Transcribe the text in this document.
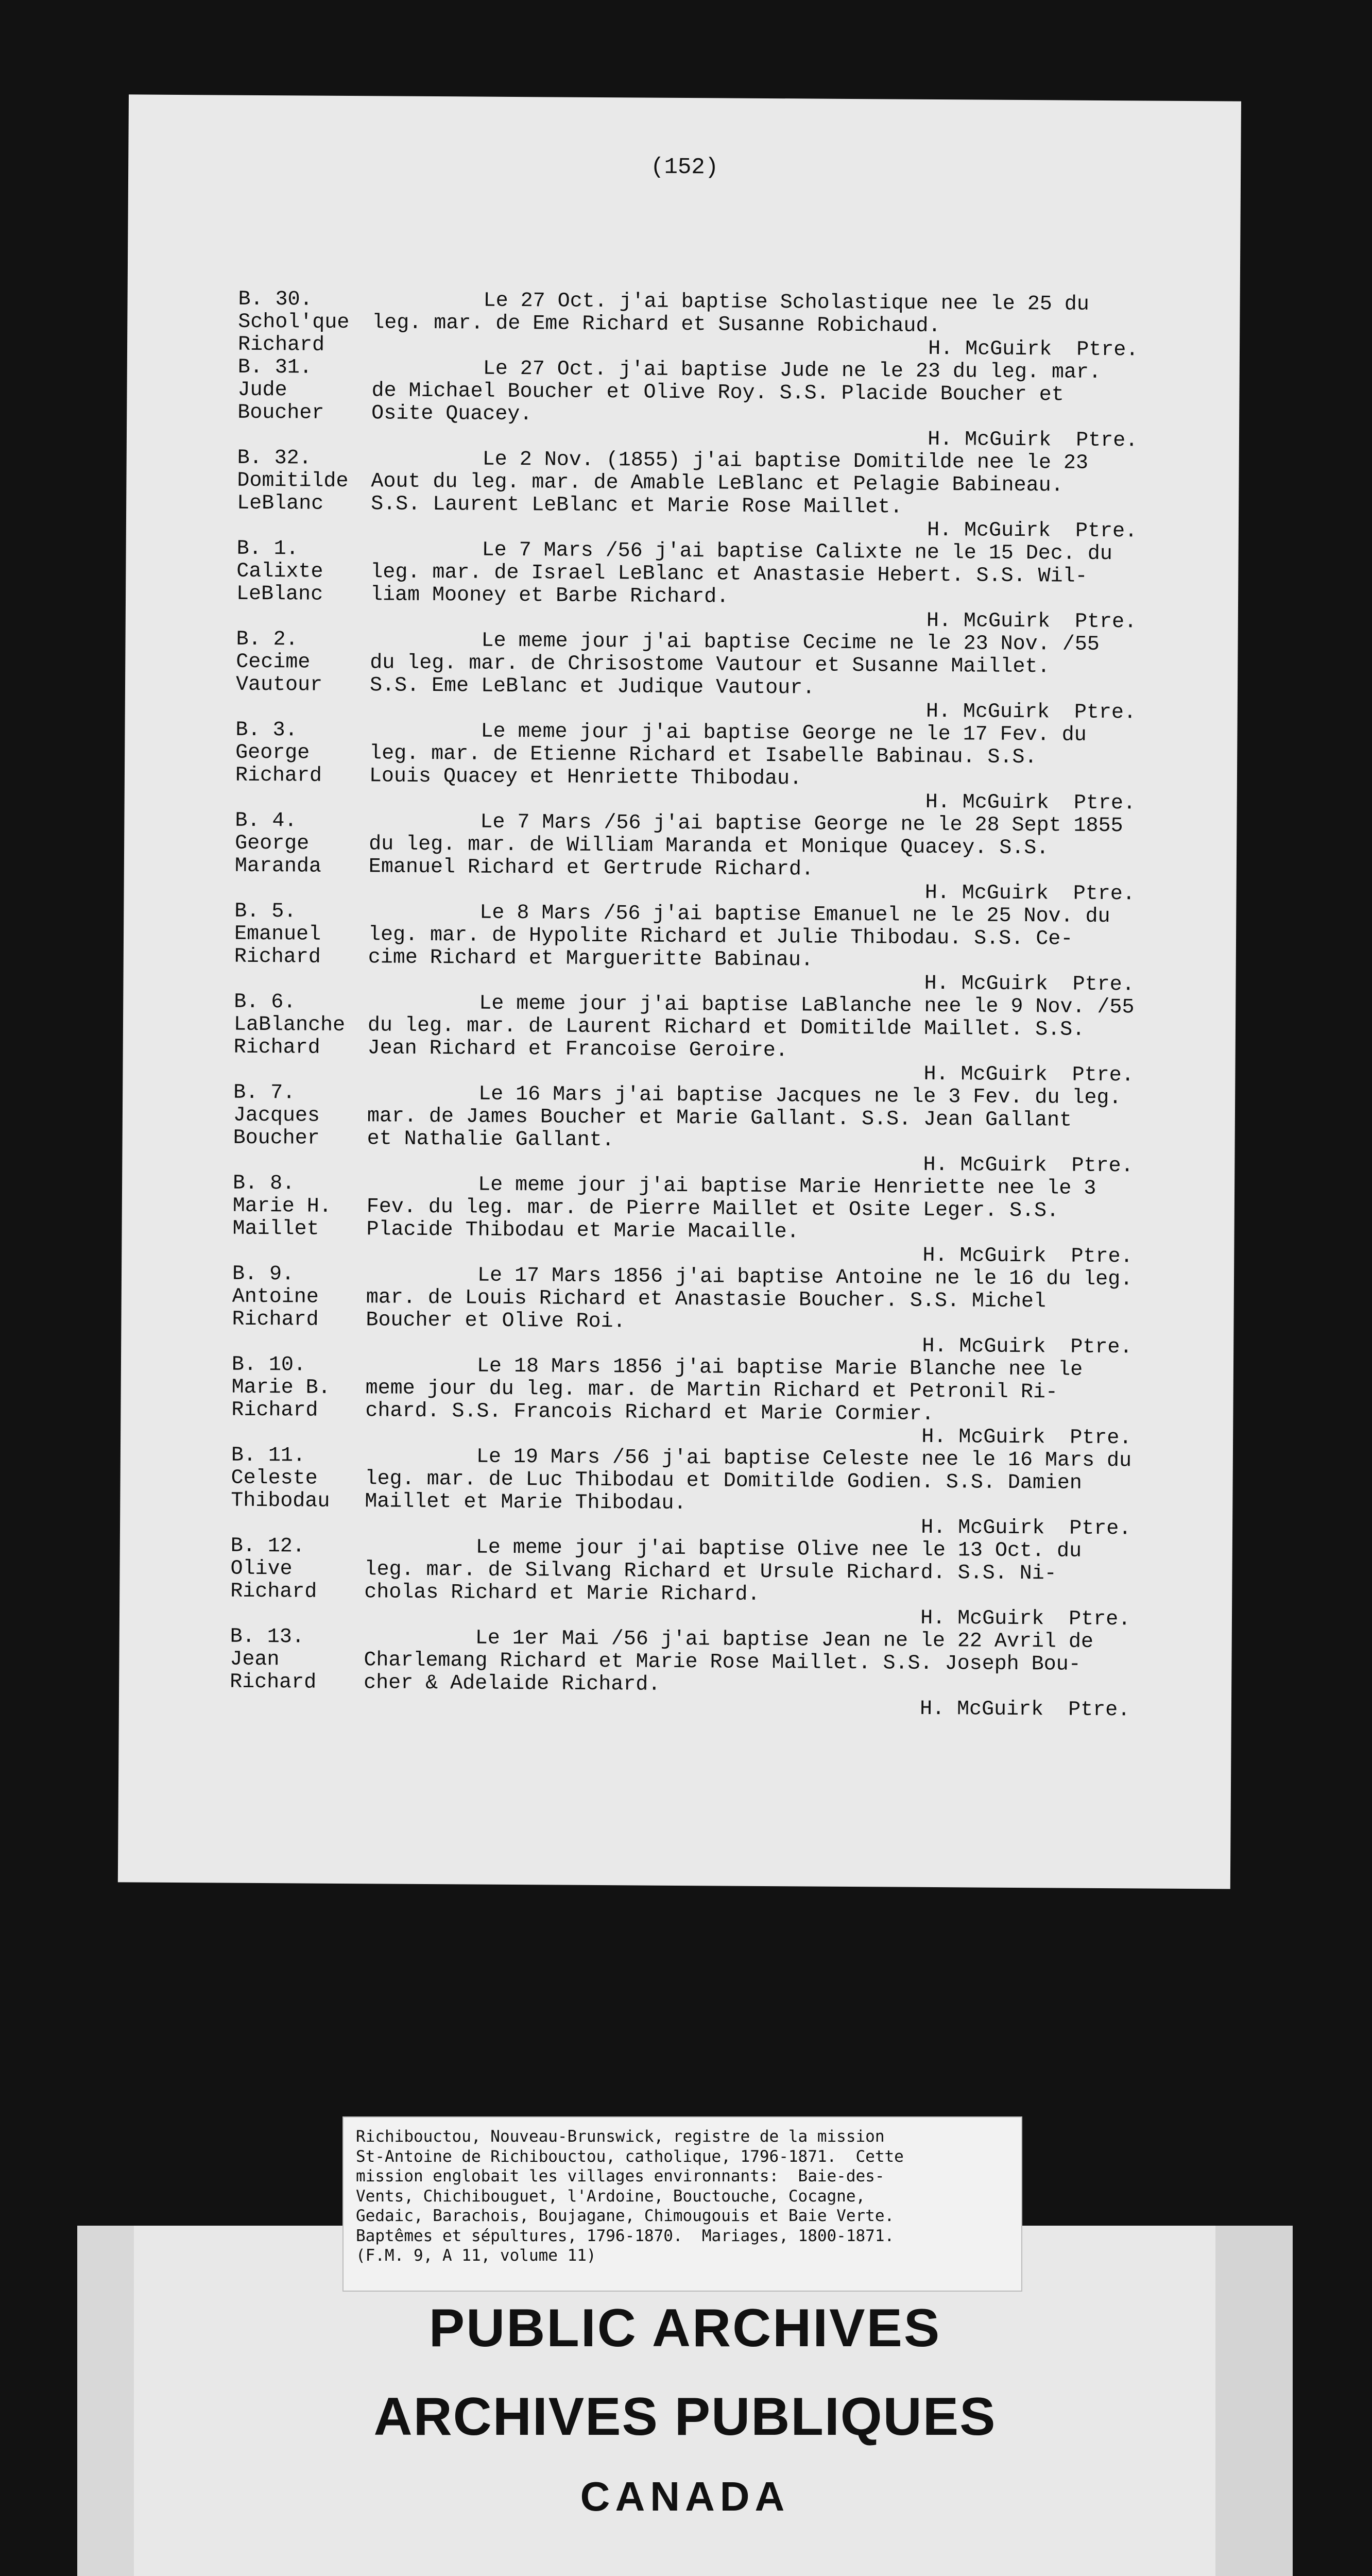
(152)
B. 30.
Schol'que
Richard
Le 27 Oct. j'ai baptise Scholastique nee le 25 du
leg. mar. de Eme Richard et Susanne Robichaud.
H. McGuirk  Ptre.
B. 31.
Jude
Boucher
Le 27 Oct. j'ai baptise Jude ne le 23 du leg. mar.
de Michael Boucher et Olive Roy. S.S. Placide Boucher et
Osite Quacey.
H. McGuirk  Ptre.
B. 32.
Domitilde
LeBlanc
Le 2 Nov. (1855) j'ai baptise Domitilde nee le 23
Aout du leg. mar. de Amable LeBlanc et Pelagie Babineau.
S.S. Laurent LeBlanc et Marie Rose Maillet.
H. McGuirk  Ptre.
B. 1.
Calixte
LeBlanc
Le 7 Mars /56 j'ai baptise Calixte ne le 15 Dec. du
leg. mar. de Israel LeBlanc et Anastasie Hebert. S.S. Wil-
liam Mooney et Barbe Richard.
H. McGuirk  Ptre.
B. 2.
Cecime
Vautour
Le meme jour j'ai baptise Cecime ne le 23 Nov. /55
du leg. mar. de Chrisostome Vautour et Susanne Maillet.
S.S. Eme LeBlanc et Judique Vautour.
H. McGuirk  Ptre.
B. 3.
George
Richard
Le meme jour j'ai baptise George ne le 17 Fev. du
leg. mar. de Etienne Richard et Isabelle Babinau. S.S.
Louis Quacey et Henriette Thibodau.
H. McGuirk  Ptre.
B. 4.
George
Maranda
Le 7 Mars /56 j'ai baptise George ne le 28 Sept 1855
du leg. mar. de William Maranda et Monique Quacey. S.S.
Emanuel Richard et Gertrude Richard.
H. McGuirk  Ptre.
B. 5.
Emanuel
Richard
Le 8 Mars /56 j'ai baptise Emanuel ne le 25 Nov. du
leg. mar. de Hypolite Richard et Julie Thibodau. S.S. Ce-
cime Richard et Margueritte Babinau.
H. McGuirk  Ptre.
B. 6.
LaBlanche
Richard
Le meme jour j'ai baptise LaBlanche nee le 9 Nov. /55
du leg. mar. de Laurent Richard et Domitilde Maillet. S.S.
Jean Richard et Francoise Geroire.
H. McGuirk  Ptre.
B. 7.
Jacques
Boucher
Le 16 Mars j'ai baptise Jacques ne le 3 Fev. du leg.
mar. de James Boucher et Marie Gallant. S.S. Jean Gallant
et Nathalie Gallant.
H. McGuirk  Ptre.
B. 8.
Marie H.
Maillet
Le meme jour j'ai baptise Marie Henriette nee le 3
Fev. du leg. mar. de Pierre Maillet et Osite Leger. S.S.
Placide Thibodau et Marie Macaille.
H. McGuirk  Ptre.
B. 9.
Antoine
Richard
Le 17 Mars 1856 j'ai baptise Antoine ne le 16 du leg.
mar. de Louis Richard et Anastasie Boucher. S.S. Michel
Boucher et Olive Roi.
H. McGuirk  Ptre.
B. 10.
Marie B.
Richard
Le 18 Mars 1856 j'ai baptise Marie Blanche nee le
meme jour du leg. mar. de Martin Richard et Petronil Ri-
chard. S.S. Francois Richard et Marie Cormier.
H. McGuirk  Ptre.
B. 11.
Celeste
Thibodau
Le 19 Mars /56 j'ai baptise Celeste nee le 16 Mars du
leg. mar. de Luc Thibodau et Domitilde Godien. S.S. Damien
Maillet et Marie Thibodau.
H. McGuirk  Ptre.
B. 12.
Olive
Richard
Le meme jour j'ai baptise Olive nee le 13 Oct. du
leg. mar. de Silvang Richard et Ursule Richard. S.S. Ni-
cholas Richard et Marie Richard.
H. McGuirk  Ptre.
B. 13.
Jean
Richard
Le 1er Mai /56 j'ai baptise Jean ne le 22 Avril de
Charlemang Richard et Marie Rose Maillet. S.S. Joseph Bou-
cher & Adelaide Richard.
H. McGuirk  Ptre.
Richibouctou, Nouveau-Brunswick, registre de la mission
St-Antoine de Richibouctou, catholique, 1796-1871.  Cette
mission englobait les villages environnants:  Baie-des-
Vents, Chichibouguet, l'Ardoine, Bouctouche, Cocagne,
Gedaic, Barachois, Boujagane, Chimougouis et Baie Verte.
Baptêmes et sépultures, 1796-1870.  Mariages, 1800-1871.
(F.M. 9, A 11, volume 11)
PUBLIC ARCHIVES
ARCHIVES PUBLIQUES
CANADA
